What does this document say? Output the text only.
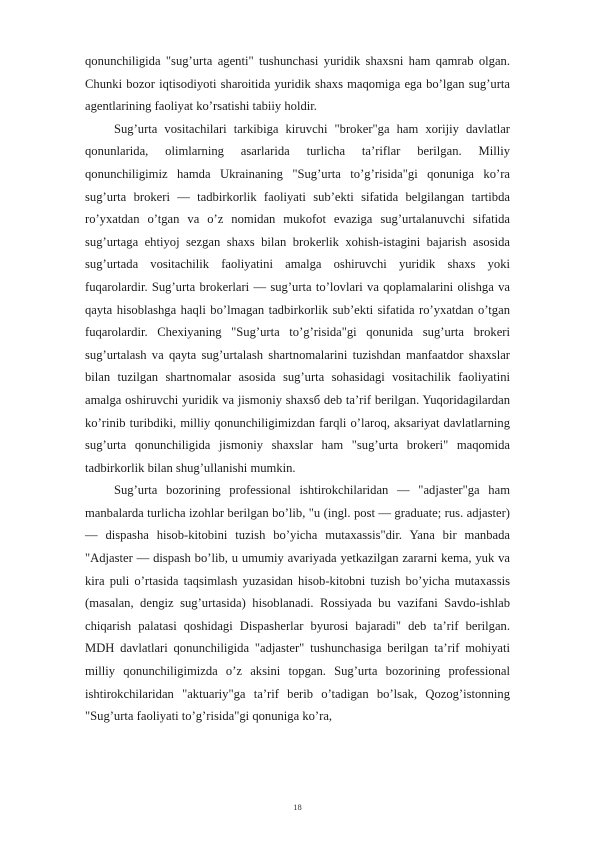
qonunchiligida "sug’urta agenti" tushunchasi yuridik shaxsni ham qamrab olgan. Chunki bozor iqtisodiyoti sharoitida yuridik shaxs maqomiga ega bo’lgan sug’urta agentlarining faoliyat ko’rsatishi tabiiy holdir.

Sug’urta vositachilari tarkibiga kiruvchi "broker"ga ham xorijiy davlatlar qonunlarida, olimlarning asarlarida turlicha ta’riflar berilgan. Milliy qonunchiligimiz hamda Ukrainaning "Sug’urta to’g’risida"gi qonuniga ko’ra sug’urta brokeri — tadbirkorlik faoliyati sub’ekti sifatida belgilangan tartibda ro’yxatdan o’tgan va o’z nomidan mukofot evaziga sug’urtalanuvchi sifatida sug’urtaga ehtiyoj sezgan shaxs bilan brokerlik xohish-istagini bajarish asosida sug’urtada vositachilik faoliyatini amalga oshiruvchi yuridik shaxs yoki fuqarolardir. Sug’urta brokerlari — sug’urta to’lovlari va qoplamalarini olishga va qayta hisoblashga haqli bo’lmagan tadbirkorlik sub’ekti sifatida ro’yxatdan o’tgan fuqarolardir. Chexiyaning "Sug’urta to’g’risida"gi qonunida sug’urta brokeri sug’urtalash va qayta sug’urtalash shartnomalarini tuzishdan manfaatdor shaxslar bilan tuzilgan shartnomalar asosida sug’urta sohasidagi vositachilik faoliyatini amalga oshiruvchi yuridik va jismoniy shaxsб deb ta’rif berilgan. Yuqoridagilardan ko’rinib turibdiki, milliy qonunchiligimizdan farqli o’laroq, aksariyat davlatlarning sug’urta qonunchiligida jismoniy shaxslar ham "sug’urta brokeri" maqomida tadbirkorlik bilan shug’ullanishi mumkin.

Sug’urta bozorining professional ishtirokchilaridan — "adjaster"ga ham manbalarda turlicha izohlar berilgan bo’lib, "u (ingl. post — graduate; rus. adjaster) — dispasha hisob-kitobini tuzish bo’yicha mutaxassis"dir. Yana bir manbada "Adjaster — dispash bo’lib, u umumiy avariyada yetkazilgan zararni kema, yuk va kira puli o’rtasida taqsimlash yuzasidan hisob-kitobni tuzish bo’yicha mutaxassis (masalan, dengiz sug’urtasida) hisoblanadi. Rossiyada bu vazifani Savdo-ishlab chiqarish palatasi qoshidagi Dispasherlar byurosi bajaradi" deb ta’rif berilgan. MDH davlatlari qonunchiligida "adjaster" tushunchasiga berilgan ta’rif mohiyati milliy qonunchiligimizda o’z aksini topgan. Sug’urta bozorining professional ishtirokchilaridan "aktuariy"ga ta’rif berib o’tadigan bo’lsak, Qozog’istonning "Sug’urta faoliyati to’g’risida"gi qonuniga ko’ra,

18
